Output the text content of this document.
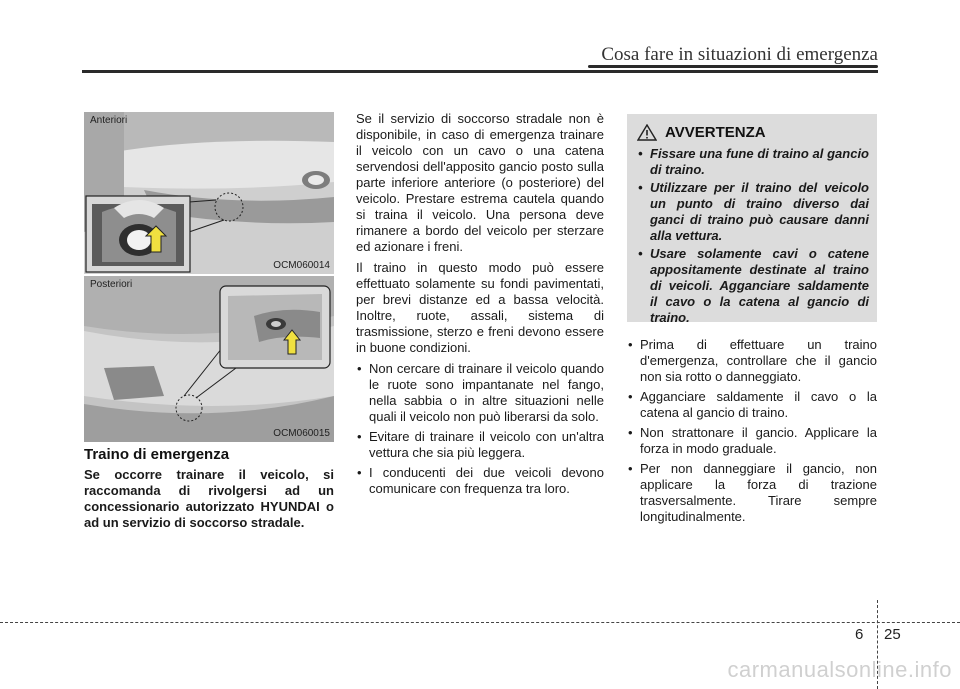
Cosa fare in situazioni di emergenza
Anteriori
OCM060014
Posteriori
OCM060015
Traino di emergenza

Se occorre trainare il veicolo, si raccomanda di rivolgersi ad un concessionario autorizzato HYUNDAI o ad un servizio di soccorso stradale.

Se il servizio di soccorso stradale non è disponibile, in caso di emergenza trainare il veicolo con un cavo o una catena servendosi dell'apposito gancio posto sulla parte inferiore anteriore (o posteriore) del veicolo. Prestare estrema cautela quando si traina il veicolo. Una persona deve rimanere a bordo del veicolo per sterzare ed azionare i freni.

Il traino in questo modo può essere effettuato solamente su fondi pavimentati, per brevi distanze ed a bassa velocità. Inoltre, ruote, assali, sistema di trasmissione, sterzo e freni devono essere in buone condizioni.

• Non cercare di trainare il veicolo quando le ruote sono impantanate nel fango, nella sabbia o in altre situazioni nelle quali il veicolo non può liberarsi da solo.
• Evitare di trainare il veicolo con un'altra vettura che sia più leggera.
• I conducenti dei due veicoli devono comunicare con frequenza tra loro.
AVVERTENZA
• Fissare una fune di traino al gancio di traino.
• Utilizzare per il traino del veicolo un punto di traino diverso dai ganci di traino può causare danni alla vettura.
• Usare solamente cavi o catene appositamente destinate al traino di veicoli. Agganciare saldamente il cavo o la catena al gancio di traino.
• Prima di effettuare un traino d'emergenza, controllare che il gancio non sia rotto o danneggiato.
• Agganciare saldamente il cavo o la catena al gancio di traino.
• Non strattonare il gancio. Applicare la forza in modo graduale.
• Per non danneggiare il gancio, non applicare la forza di trazione trasversalmente. Tirare sempre longitudinalmente.
6 25
carmanualsonline.info
